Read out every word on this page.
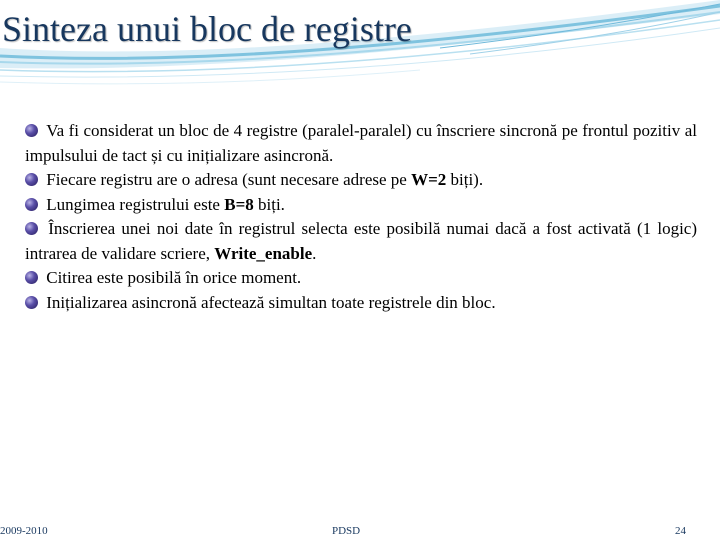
Sinteza unui bloc de registre

Va fi considerat un bloc de 4 registre (paralel-paralel) cu înscriere sincronă pe frontul pozitiv al impulsului de tact și cu inițializare asincronă.

Fiecare registru are o adresa (sunt necesare adrese pe W=2 biți).

Lungimea registrului este B=8 biți.

Înscrierea unei noi date în registrul selecta este posibilă numai dacă a fost activată (1 logic) intrarea de validare scriere, Write_enable.

Citirea este posibilă în orice moment.

Inițializarea asincronă afectează simultan toate registrele din bloc.

2009-2010	PDSD	24
